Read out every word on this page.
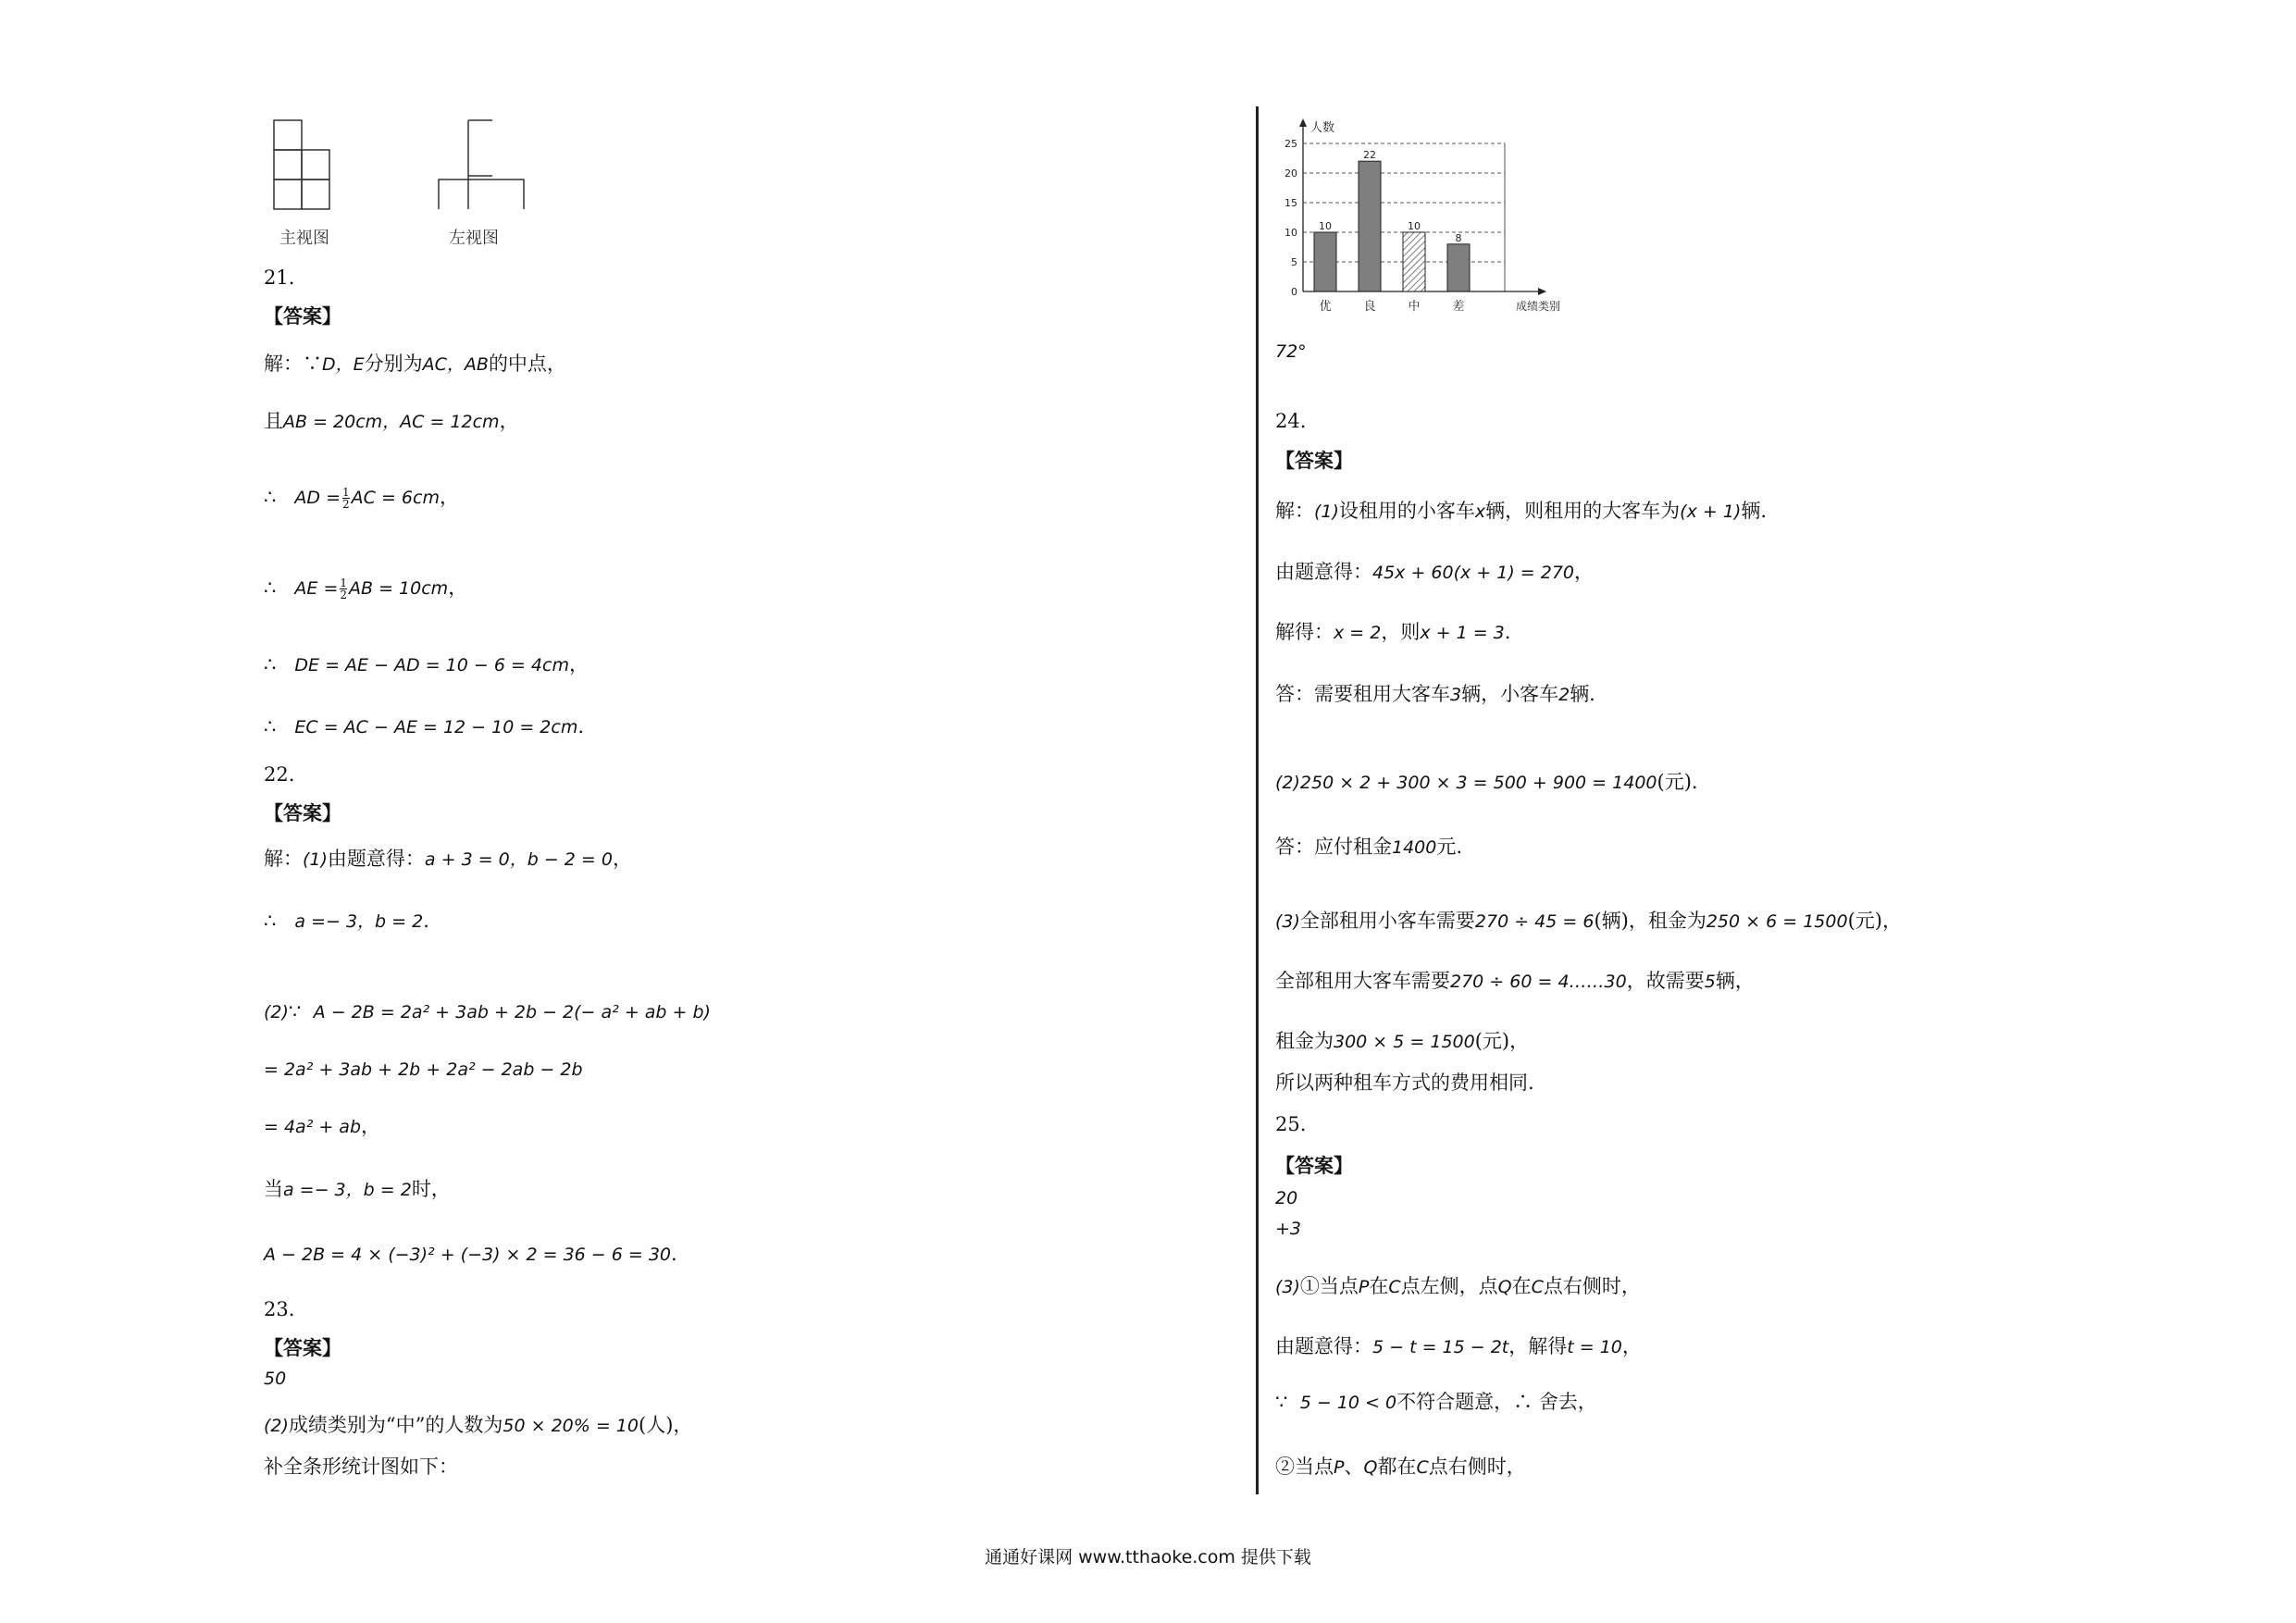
主视图	左视图
21.
【答案】
解：∵D，E分别为AC，AB的中点，
且AB = 20cm，AC = 12cm，
∴ AD = $\frac{1}{2}$ AC = 6cm，
∴ AE = $\frac{1}{2}$ AB = 10cm，
∴ DE = AE − AD = 10 − 6 = 4cm，
∴ EC = AC − AE = 12 − 10 = 2cm.
22.
【答案】
解：(1)由题意得：a + 3 = 0，b − 2 = 0，
∴ a =− 3，b = 2.
(2)∵ A − 2B = 2a² + 3ab + 2b − 2(− a² + ab + b)
= 2a² + 3ab + 2b + 2a² − 2ab − 2b
= 4a² + ab，
当a =− 3，b = 2时，
A − 2B = 4 × (−3)² + (−3) × 2 = 36 − 6 = 30.
23.
【答案】
50
(2)成绩类别为“中”的人数为50 × 20% = 10(人)，
补全条形统计图如下：
0
5
10
15
20
25
人数
成绩类别
10
优
22
良
10
中
8
差
72°
24.
【答案】
解：(1)设租用的小客车x辆，则租用的大客车为(x + 1)辆.
由题意得：45x + 60(x + 1) = 270，
解得：x = 2，则x + 1 = 3.
答：需要租用大客车3辆，小客车2辆.
(2)250 × 2 + 300 × 3 = 500 + 900 = 1400(元).
答：应付租金1400元.
(3)全部租用小客车需要270 ÷ 45 = 6(辆)，租金为250 × 6 = 1500(元)，
全部租用大客车需要270 ÷ 60 = 4……30，故需要5辆，
租金为300 × 5 = 1500(元)，
所以两种租车方式的费用相同.
25.
【答案】
20
+3
(3)①当点P在C点左侧，点Q在C点右侧时，
由题意得：5 − t = 15 − 2t，解得t = 10，
∵ 5 − 10 < 0不符合题意，∴ 舍去，
②当点P、Q都在C点右侧时，
通通好课网 www.tthaoke.com 提供下载
